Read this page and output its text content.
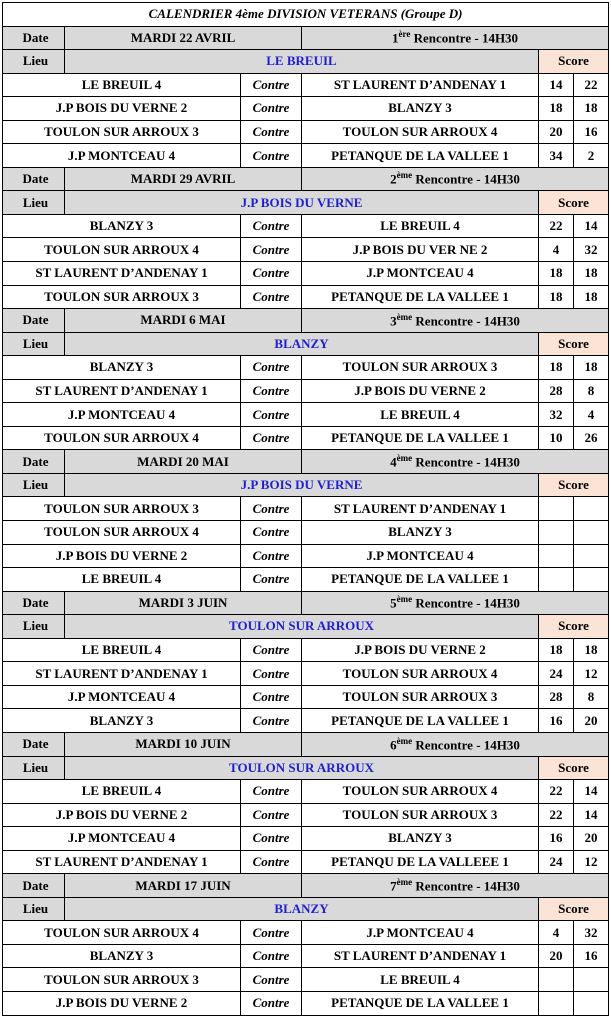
CALENDRIER 4ème DIVISION VETERANS (Groupe D)					
Date	MARDI 22 AVRIL		1ère Rencontre - 14H30		
Lieu	LE BREUIL			Score	
LE BREUIL 4		Contre	ST LAURENT D’ANDENAY 1	14	22
J.P BOIS DU VERNE 2		Contre	BLANZY 3	18	18
TOULON SUR ARROUX 3		Contre	TOULON SUR ARROUX 4	20	16
J.P MONTCEAU 4		Contre	PETANQUE DE LA VALLEE 1	34	2
Date	MARDI 29 AVRIL		2ème Rencontre - 14H30		
Lieu	J.P BOIS DU VERNE			Score	
BLANZY 3		Contre	LE BREUIL 4	22	14
TOULON SUR ARROUX 4		Contre	J.P BOIS DU VER NE 2	4	32
ST LAURENT D’ANDENAY 1		Contre	J.P MONTCEAU 4	18	18
TOULON SUR ARROUX 3		Contre	PETANQUE DE LA VALLEE 1	18	18
Date	MARDI 6 MAI		3ème Rencontre - 14H30		
Lieu	BLANZY			Score	
BLANZY 3		Contre	TOULON SUR ARROUX 3	18	18
ST LAURENT D’ANDENAY 1		Contre	J.P BOIS DU VERNE 2	28	8
J.P MONTCEAU 4		Contre	LE BREUIL 4	32	4
TOULON SUR ARROUX 4		Contre	PETANQUE DE LA VALLEE 1	10	26
Date	MARDI 20 MAI		4ème Rencontre - 14H30		
Lieu	J.P BOIS DU VERNE			Score	
TOULON SUR ARROUX 3		Contre	ST LAURENT D’ANDENAY 1		
TOULON SUR ARROUX 4		Contre	BLANZY 3		
J.P BOIS DU VERNE 2		Contre	J.P MONTCEAU 4		
LE BREUIL 4		Contre	PETANQUE DE LA VALLEE 1		
Date	MARDI 3 JUIN		5ème Rencontre - 14H30		
Lieu	TOULON SUR ARROUX			Score	
LE BREUIL 4		Contre	J.P BOIS DU VERNE 2	18	18
ST LAURENT D’ANDENAY 1		Contre	TOULON SUR ARROUX 4	24	12
J.P MONTCEAU 4		Contre	TOULON SUR ARROUX 3	28	8
BLANZY 3		Contre	PETANQUE DE LA VALLEE 1	16	20
Date	MARDI 10 JUIN		6ème Rencontre - 14H30		
Lieu	TOULON SUR ARROUX			Score	
LE BREUIL 4		Contre	TOULON SUR ARROUX 4	22	14
J.P BOIS DU VERNE 2		Contre	TOULON SUR ARROUX 3	22	14
J.P MONTCEAU 4		Contre	BLANZY 3	16	20
ST LAURENT D’ANDENAY 1		Contre	PETANQU DE LA VALLEEE 1	24	12
Date	MARDI 17 JUIN		7ème Rencontre - 14H30		
Lieu	BLANZY			Score	
TOULON SUR ARROUX 4		Contre	J.P MONTCEAU 4	4	32
BLANZY 3		Contre	ST LAURENT D’ANDENAY 1	20	16
TOULON SUR ARROUX 3		Contre	LE BREUIL 4		
J.P BOIS DU VERNE 2		Contre	PETANQUE DE LA VALLEE 1		
